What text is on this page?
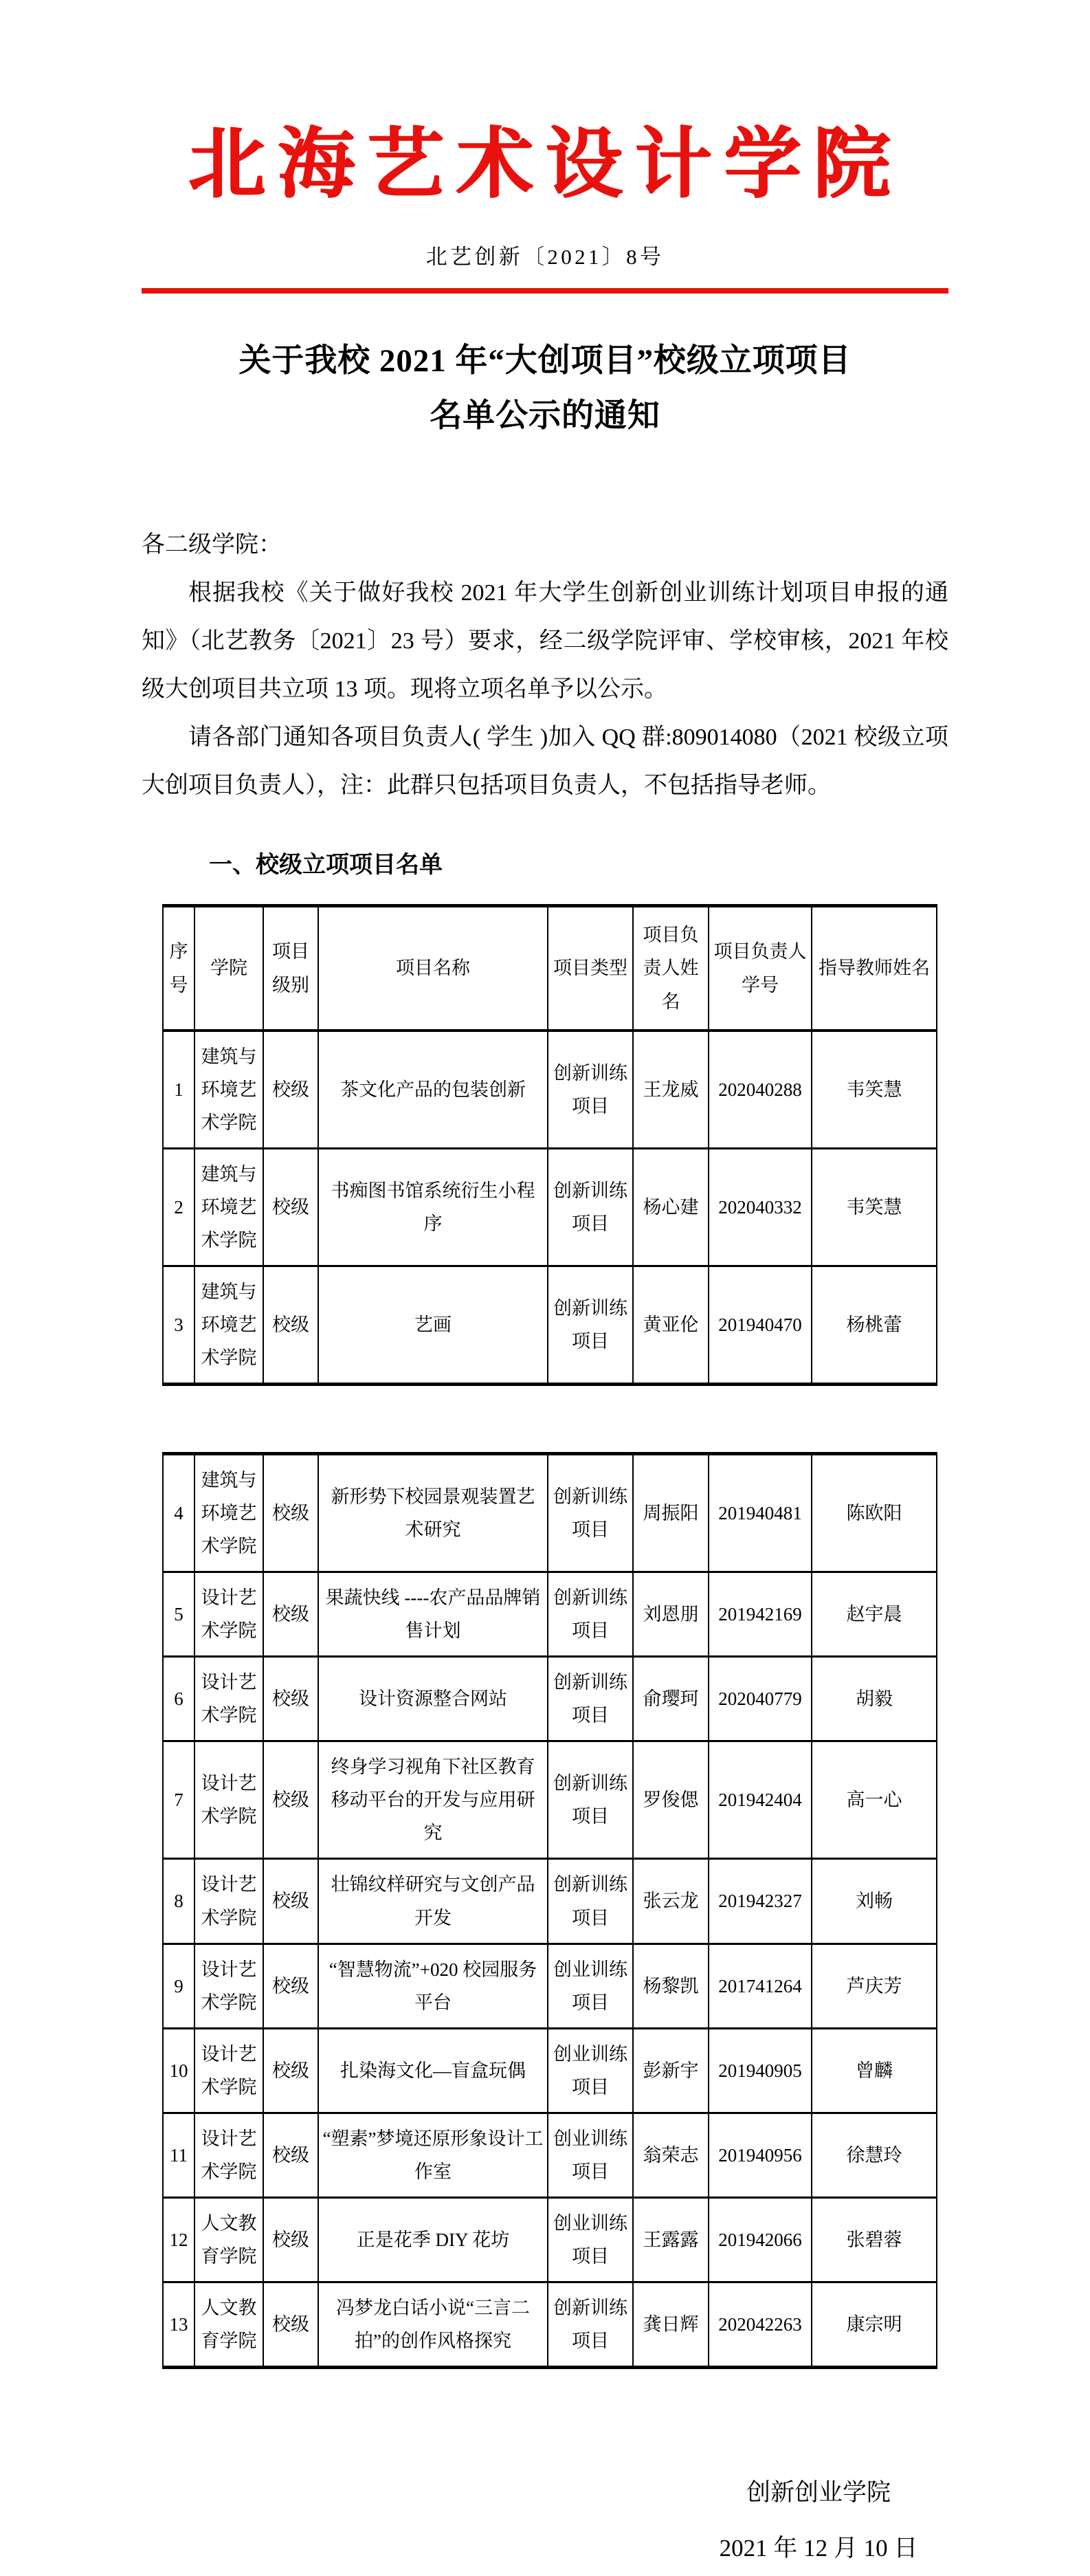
北海艺术设计学院
北艺创新〔2021〕8号
关于我校 2021 年“大创项目”校级立项项目
名单公示的通知

各二级学院：

根据我校《关于做好我校 2021 年大学生创新创业训练计划项目申报的通知》（北艺教务〔2021〕23 号）要求，经二级学院评审、学校审核，2021 年校级大创项目共立项 13 项。现将立项名单予以公示。

请各部门通知各项目负责人( 学生 )加入 QQ 群:809014080（2021 校级立项大创项目负责人），注：此群只包括项目负责人，不包括指导老师。

一、校级立项项目名单
序号	学院	项目级别	项目名称	项目类型	项目负责人姓名	项目负责人学号	指导教师姓名
1	建筑与环境艺术学院	校级	茶文化产品的包装创新	创新训练项目	王龙威	202040288	韦笑慧
2	建筑与环境艺术学院	校级	书痴图书馆系统衍生小程序	创新训练项目	杨心建	202040332	韦笑慧
3	建筑与环境艺术学院	校级	艺画	创新训练项目	黄亚伦	201940470	杨桃蕾
4	建筑与环境艺术学院	校级	新形势下校园景观装置艺术研究	创新训练项目	周振阳	201940481	陈欧阳
5	设计艺术学院	校级	果蔬快线 ----农产品品牌销售计划	创新训练项目	刘恩朋	201942169	赵宇晨
6	设计艺术学院	校级	设计资源整合网站	创新训练项目	俞璎珂	202040779	胡毅
7	设计艺术学院	校级	终身学习视角下社区教育移动平台的开发与应用研究	创新训练项目	罗俊偲	201942404	高一心
8	设计艺术学院	校级	壮锦纹样研究与文创产品开发	创新训练项目	张云龙	201942327	刘畅
9	设计艺术学院	校级	“智慧物流”+020 校园服务平台	创业训练项目	杨黎凯	201741264	芦庆芳
10	设计艺术学院	校级	扎染海文化—盲盒玩偶	创业训练项目	彭新宇	201940905	曾麟
11	设计艺术学院	校级	“塑素”梦境还原形象设计工作室	创业训练项目	翁荣志	201940956	徐慧玲
12	人文教育学院	校级	正是花季 DIY 花坊	创业训练项目	王露露	201942066	张碧蓉
13	人文教育学院	校级	冯梦龙白话小说“三言二拍”的创作风格探究	创新训练项目	龚日辉	202042263	康宗明
创新创业学院
2021 年 12 月 10 日
